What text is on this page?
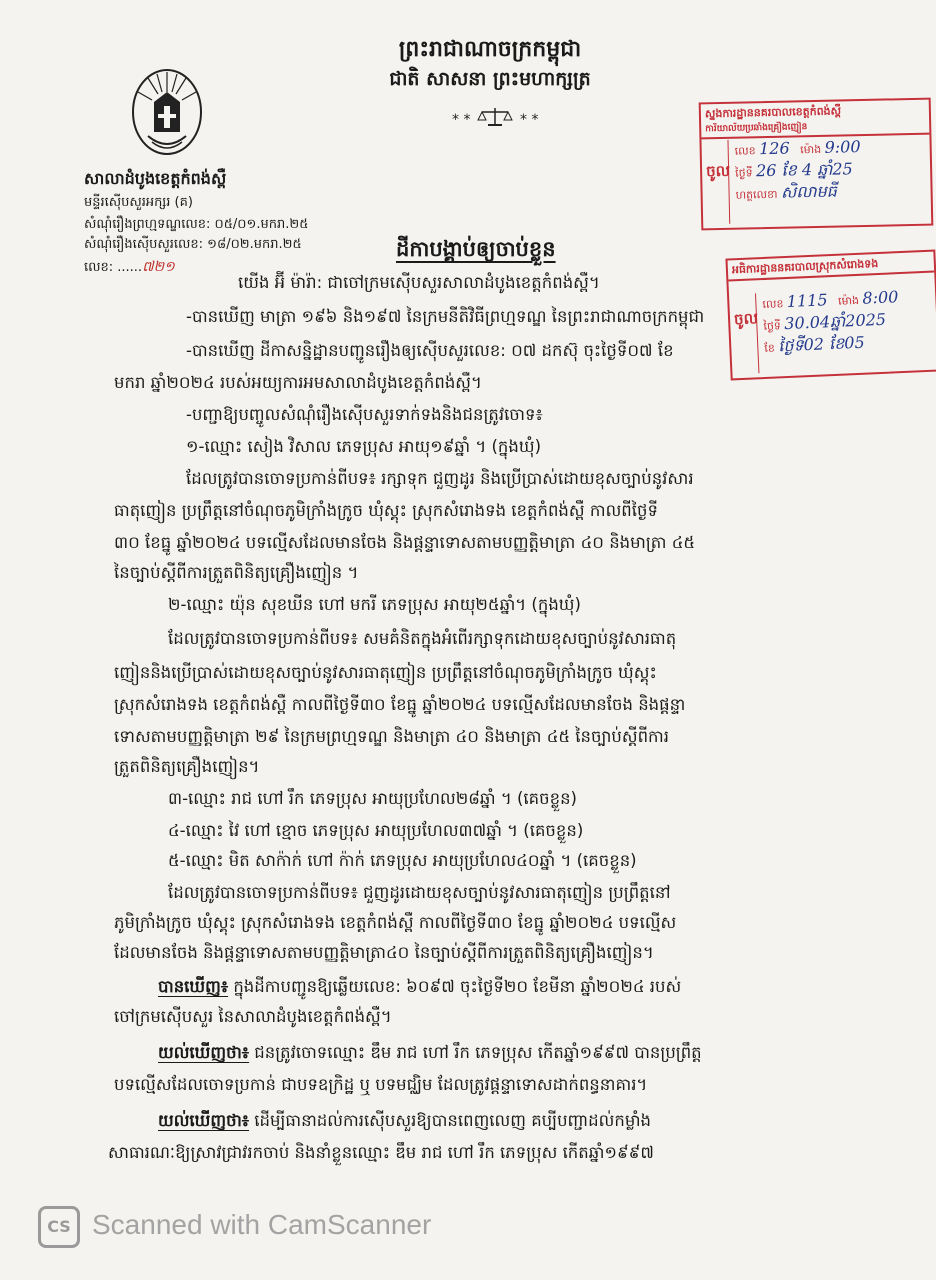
ព្រះរាជាណាចក្រកម្ពុជា
ជាតិ សាសនា ព្រះមហាក្សត្រ
* *	* *
សាលាដំបូងខេត្តកំពង់ស្ពឺ
មន្ទីរស៊ើបសួរអក្សរ (គ)
សំណុំរឿងព្រហ្មទណ្ឌលេខ: ០៥/០១.មករា.២៥
សំណុំរឿងស៊ើបសួរលេខ: ១៨/០២.មករា.២៥
លេខ: ......៧២១
ដីកាបង្គាប់ឲ្យចាប់ខ្លួន
ស្នងការដ្ឋាននគរបាលខេត្តកំពង់ស្ពឺ
ការិយាល័យប្រឆាំងគ្រឿងញៀន
ចូល
លេខ 126 ម៉ោង 9:00
ថ្ងៃទី 26 ខែ 4 ឆ្នាំ25
ហត្ថលេខា សិលាមធី
អធិការដ្ឋាននគរបាលស្រុកសំរោងទង
ចូល
លេខ 1115 ម៉ោង 8:00
ថ្ងៃទី 30.04ឆ្នាំ2025
ខែ ថ្ងៃទី02 ខែ05
យើង អ៊ី ម៉ារ៉ា: ជាចៅក្រមស៊ើបសួរសាលាដំបូងខេត្តកំពង់ស្ពឺ។
-បានឃើញ មាត្រា ១៩៦ និង១៩៧ នៃក្រមនីតិវិធីព្រហ្មទណ្ឌ នៃព្រះរាជាណាចក្រកម្ពុជា
-បានឃើញ ដីកាសន្និដ្ឋានបញ្ជូនរឿងឲ្យស៊ើបសួរលេខ: ០៧ ដកស៊ុ ចុះថ្ងៃទី០៧ ខែ
មករា ឆ្នាំ២០២៤ របស់អយ្យការអមសាលាដំបូងខេត្តកំពង់ស្ពឺ។
-បញ្ជាឱ្យបញ្ចូលសំណុំរឿងស៊ើបសួរទាក់ទងនិងជនត្រូវចោទ៖
១-ឈ្មោះ សៀង វិសាល ភេទប្រុស អាយុ១៩ឆ្នាំ ។ (ក្នុងឃុំ)
ដែលត្រូវបានចោទប្រកាន់ពីបទ៖ រក្សាទុក ជួញដូរ និងប្រើប្រាស់ដោយខុសច្បាប់នូវសារ
ធាតុញៀន ប្រព្រឹត្តនៅចំណុចភូមិក្រាំងក្រូច ឃុំស្គុះ ស្រុកសំរោងទង ខេត្តកំពង់ស្ពឺ កាលពីថ្ងៃទី
៣០ ខែធ្នូ ឆ្នាំ២០២៤ បទល្មើសដែលមានចែង និងផ្តន្ទាទោសតាមបញ្ញត្តិមាត្រា ៤០ និងមាត្រា ៤៥
នៃច្បាប់ស្តីពីការត្រួតពិនិត្យគ្រឿងញៀន ។
២-ឈ្មោះ យ៉ុន សុខឃីន ហៅ មករី ភេទប្រុស អាយុ២៥ឆ្នាំ។ (ក្នុងឃុំ)
ដែលត្រូវបានចោទប្រកាន់ពីបទ៖ សមគំនិតក្នុងអំពើរក្សាទុកដោយខុសច្បាប់នូវសារធាតុ
ញៀននិងប្រើប្រាស់ដោយខុសច្បាប់នូវសារធាតុញៀន ប្រព្រឹត្តនៅចំណុចភូមិក្រាំងក្រូច ឃុំស្គុះ
ស្រុកសំរោងទង ខេត្តកំពង់ស្ពឺ កាលពីថ្ងៃទី៣០ ខែធ្នូ ឆ្នាំ២០២៤ បទល្មើសដែលមានចែង និងផ្តន្ទា
ទោសតាមបញ្ញត្តិមាត្រា ២៩ នៃក្រមព្រហ្មទណ្ឌ និងមាត្រា ៤០ និងមាត្រា ៤៥ នៃច្បាប់ស្តីពីការ
ត្រួតពិនិត្យគ្រឿងញៀន។
៣-ឈ្មោះ រាជ ហៅ រឹក ភេទប្រុស អាយុប្រហែល២៨ឆ្នាំ ។ (គេចខ្លួន)
៤-ឈ្មោះ វៃ ហៅ ខ្មោច ភេទប្រុស អាយុប្រហែល៣៧ឆ្នាំ ។ (គេចខ្លួន)
៥-ឈ្មោះ មិត សាក៉ាក់ ហៅ ក៉ាក់ ភេទប្រុស អាយុប្រហែល៤០ឆ្នាំ ។ (គេចខ្លួន)
ដែលត្រូវបានចោទប្រកាន់ពីបទ៖ ជួញដូរដោយខុសច្បាប់នូវសារធាតុញៀន ប្រព្រឹត្តនៅ
ភូមិក្រាំងក្រូច ឃុំស្គុះ ស្រុកសំរោងទង ខេត្តកំពង់ស្ពឺ កាលពីថ្ងៃទី៣០ ខែធ្នូ ឆ្នាំ២០២៤ បទល្មើស
ដែលមានចែង និងផ្តន្ទាទោសតាមបញ្ញត្តិមាត្រា៤០ នៃច្បាប់ស្តីពីការត្រួតពិនិត្យគ្រឿងញៀន។
បានឃើញ៖ ក្នុងដីកាបញ្ជូនឱ្យឆ្លើយលេខ: ៦០៩៧ ចុះថ្ងៃទី២០ ខែមីនា ឆ្នាំ២០២៤ របស់
ចៅក្រមស៊ើបសួរ នៃសាលាដំបូងខេត្តកំពង់ស្ពឺ។
យល់ឃើញថា៖ ជនត្រូវចោទឈ្មោះ ឌឹម រាជ ហៅ រឹក ភេទប្រុស កើតឆ្នាំ១៩៩៧ បានប្រព្រឹត្ត
បទល្មើសដែលចោទប្រកាន់ ជាបទឧក្រិដ្ឋ ឬ បទមជ្ឈិម ដែលត្រូវផ្តន្ទាទោសដាក់ពន្ធនាគារ។
យល់ឃើញថា៖ ដើម្បីធានាដល់ការស៊ើបសួរឱ្យបានពេញលេញ គប្បីបញ្ជាដល់កម្លាំង
សាធារណៈឱ្យស្រាវជ្រាវរកចាប់ និងនាំខ្លួនឈ្មោះ ឌឹម រាជ ហៅ រឹក ភេទប្រុស កើតឆ្នាំ១៩៩៧
CS Scanned with CamScanner
